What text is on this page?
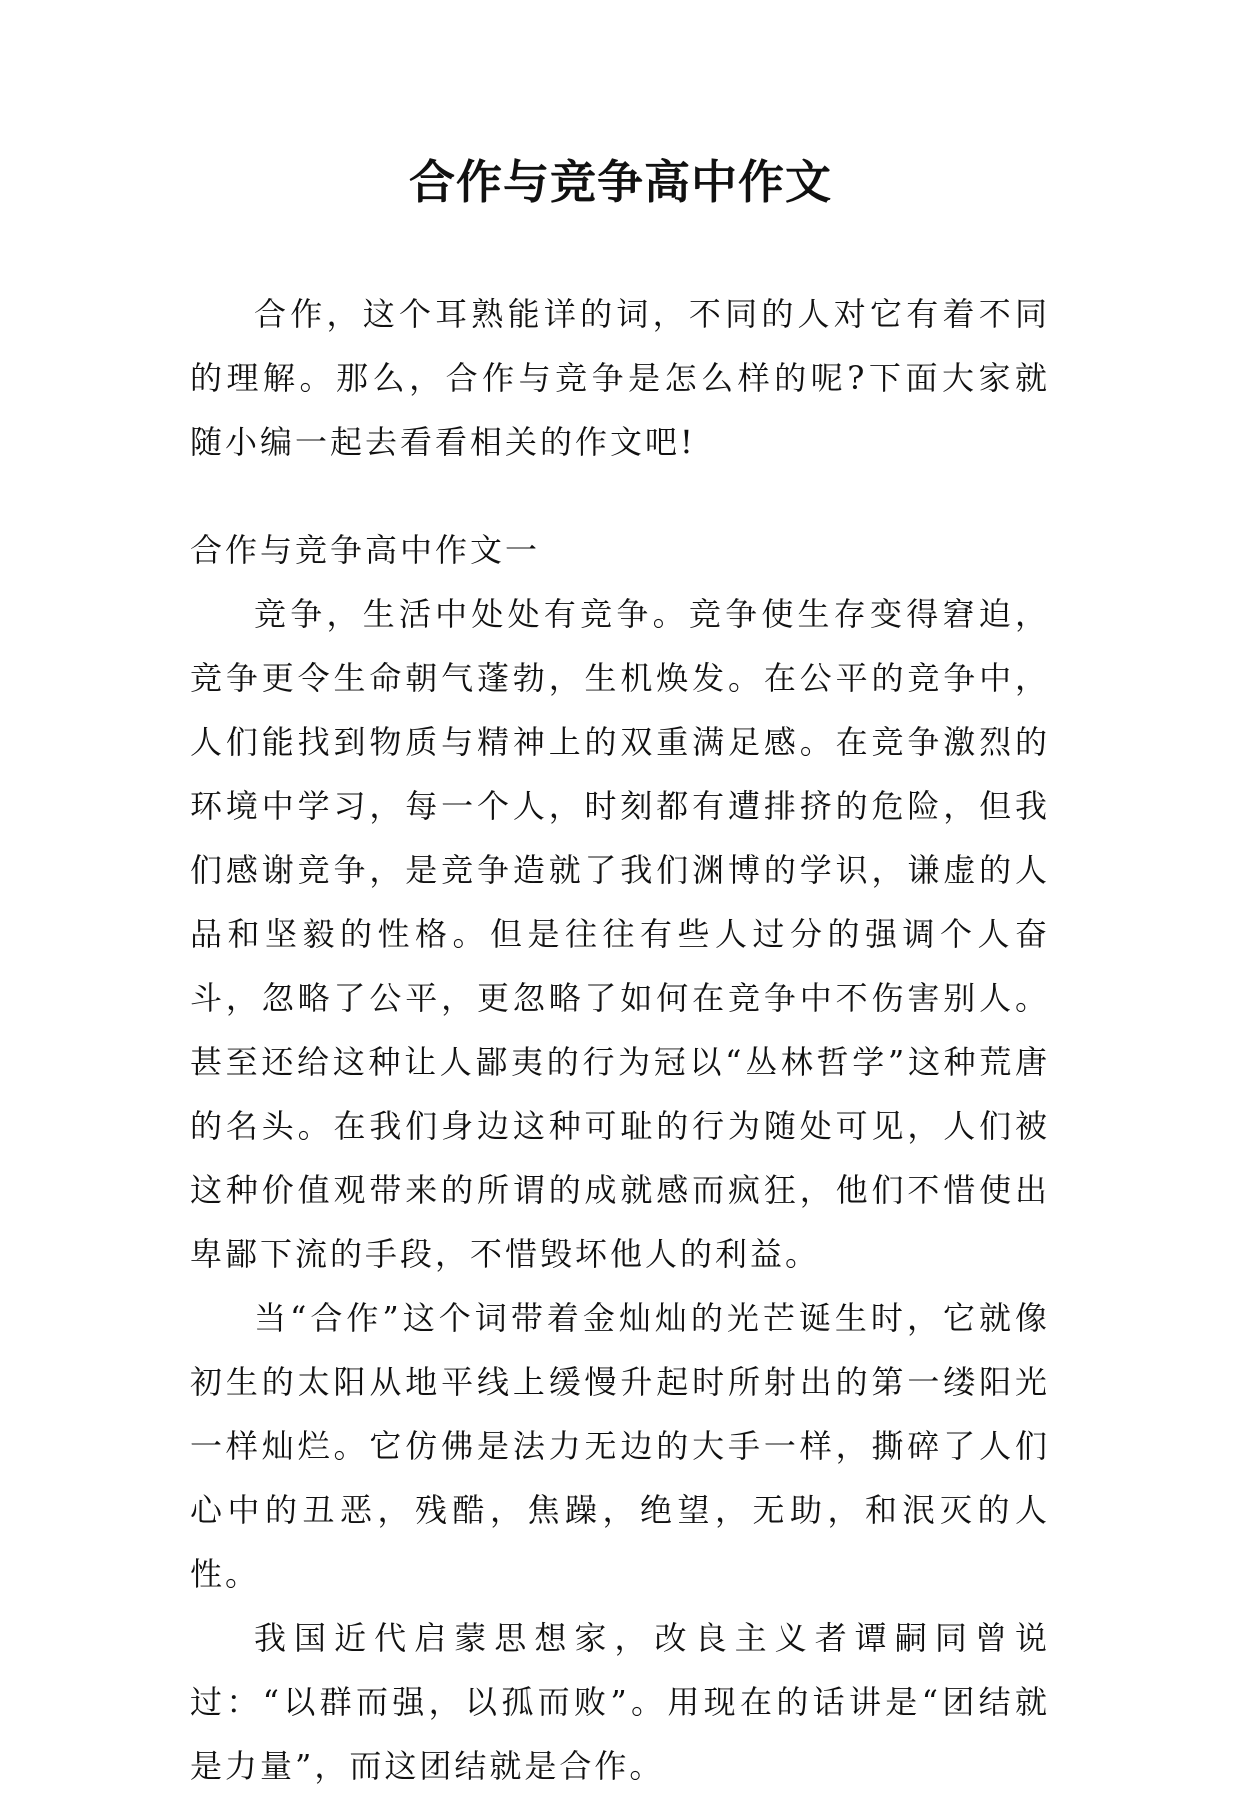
合作与竞争高中作文

合作，这个耳熟能详的词，不同的人对它有着不同的理解。那么，合作与竞争是怎么样的呢?下面大家就随小编一起去看看相关的作文吧!

合作与竞争高中作文一

竞争，生活中处处有竞争。竞争使生存变得窘迫，竞争更令生命朝气蓬勃，生机焕发。在公平的竞争中，人们能找到物质与精神上的双重满足感。在竞争激烈的环境中学习，每一个人，时刻都有遭排挤的危险，但我们感谢竞争，是竞争造就了我们渊博的学识，谦虚的人品和坚毅的性格。但是往往有些人过分的强调个人奋斗，忽略了公平，更忽略了如何在竞争中不伤害别人。甚至还给这种让人鄙夷的行为冠以“丛林哲学”这种荒唐的名头。在我们身边这种可耻的行为随处可见，人们被这种价值观带来的所谓的成就感而疯狂，他们不惜使出卑鄙下流的手段，不惜毁坏他人的利益。

当“合作”这个词带着金灿灿的光芒诞生时，它就像初生的太阳从地平线上缓慢升起时所射出的第一缕阳光一样灿烂。它仿佛是法力无边的大手一样，撕碎了人们心中的丑恶，残酷，焦躁，绝望，无助，和泯灭的人性。

我国近代启蒙思想家，改良主义者谭嗣同曾说过：“以群而强，以孤而败”。用现在的话讲是“团结就是力量”，而这团结就是合作。
